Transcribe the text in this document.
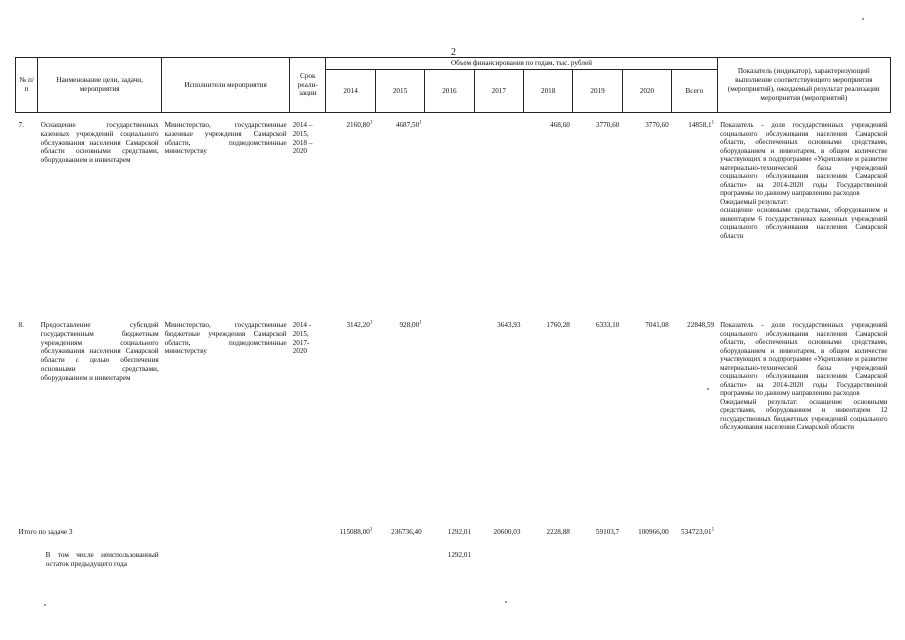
2
№ п/п	Наименование цели, задачи, мероприятия	Исполнители мероприятия	Срок реали-зации	Объем финансирования по годам, тыс. рублей								Показатель (индикатор), характеризующий выполнение соответствующего мероприятия (мероприятий), ожидаемый результат реализации мероприятия (мероприятий)
				2014	2015	2016	2017	2018	2019	2020	Всего	

7.	Оснащение государственных казенных учреждений социального обслуживания населения Самарской области основными средствами, оборудованием и инвентарем	Министерство, государственные казенные учреждения Самарской области, подведомственные министерству	2014 – 2015, 2018 – 2020	2160,80$^1$	4687,50$^1$			468,60	3770,60	3770,60	14858,1$^1$	Показатель - доля государственных учреждений социального обслуживания населения Самарской области, обеспеченных основными средствами, оборудованием и инвентарем, в общем количестве участвующих в подпрограмме «Укрепление и развитие материально-технической базы учреждений социального обслуживания населения Самарской области» на 2014-2020 годы Государственной программы по данному направлению расходов
Ожидаемый результат:
оснащение основными средствами, оборудованием и инвентарем 6 государственных казенных учреждений социального обслуживания населения Самарской области
8.	Предоставление субсидий государственным бюджетным учреждениям социального обслуживания населения Самарской области с целью обеспечения основными средствами, оборудованием и инвентарем	Министерство, государственные бюджетные учреждения Самарской области, подведомственные министерству	2014 - 2015, 2017-2020	3142,20$^1$	928,00$^1$		3643,93	1760,28	6333,10	7041,08	22848,59	Показатель - доля государственных учреждений социального обслуживания населения Самарской области, обеспеченных основными средствами, оборудованием и инвентарем, в общем количестве участвующих в подпрограмме «Укрепление и развитие материально-технической базы учреждений социального обслуживания населения Самарской области» на 2014-2020 годы Государственной программы по данному направлению расходов
Ожидаемый результат: оснащение основными средствами, оборудованием и инвентарем 12 государственных бюджетных учреждений социального обслуживания населения Самарской области
Итого по задаче 3				115088,00$^1$	236736,40	1292,01	20600,03	2228,88	59103,7	100966,00	534723,01$^1$	

	В том числе неиспользованный остаток предыдущего года					1292,01						
